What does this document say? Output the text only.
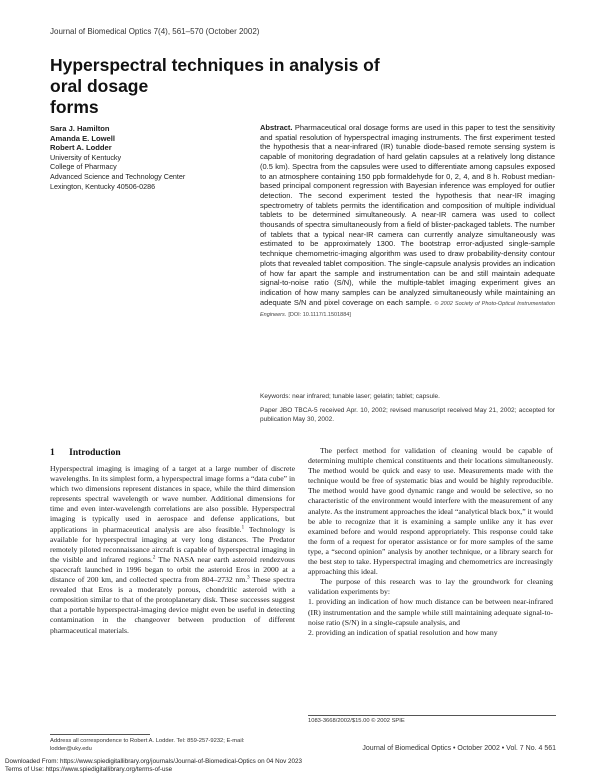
Journal of Biomedical Optics 7(4), 561–570 (October 2002)
Hyperspectral techniques in analysis of oral dosage
forms
Sara J. Hamilton
Amanda E. Lowell
Robert A. Lodder
University of Kentucky
College of Pharmacy
Advanced Science and Technology Center
Lexington, Kentucky 40506-0286
Abstract. Pharmaceutical oral dosage forms are used in this paper to test the sensitivity and spatial resolution of hyperspectral imaging instruments. The first experiment tested the hypothesis that a near-infrared (IR) tunable diode-based remote sensing system is capable of monitoring degradation of hard gelatin capsules at a relatively long distance (0.5 km). Spectra from the capsules were used to differentiate among capsules exposed to an atmosphere containing 150 ppb formaldehyde for 0, 2, 4, and 8 h. Robust median-based principal component regression with Bayesian inference was employed for outlier detection. The second experiment tested the hypothesis that near-IR imaging spectrometry of tablets permits the identification and composition of multiple individual tablets to be determined simultaneously. A near-IR camera was used to collect thousands of spectra simultaneously from a field of blister-packaged tablets. The number of tablets that a typical near-IR camera can currently analyze simultaneously was estimated to be approximately 1300. The bootstrap error-adjusted single-sample technique chemometric-imaging algorithm was used to draw probability-density contour plots that revealed tablet composition. The single-capsule analysis provides an indication of how far apart the sample and instrumentation can be and still maintain adequate signal-to-noise ratio (S/N), while the multiple-tablet imaging experiment gives an indication of how many samples can be analyzed simultaneously while maintaining an adequate S/N and pixel coverage on each sample. © 2002 Society of Photo-Optical Instrumentation Engineers. [DOI: 10.1117/1.1501884]
Keywords: near infrared; tunable laser; gelatin; tablet; capsule.
Paper JBO TBCA-5 received Apr. 10, 2002; revised manuscript received May 21, 2002; accepted for publication May 30, 2002.
1 Introduction

Hyperspectral imaging is imaging of a target at a large number of discrete wavelengths. In its simplest form, a hyperspectral image forms a “data cube” in which two dimensions represent distances in space, while the third dimension represents spectral wavelength or wave number. Additional dimensions for time and even inter-wavelength correlations are also possible. Hyperspectral imaging is typically used in aerospace and defense applications, but applications in pharmaceutical analysis are also feasible.$^1$ Technology is available for hyperspectral imaging at very long distances. The Predator remotely piloted reconnaissance aircraft is capable of hyperspectral imaging in the visible and infrared regions.$^2$ The NASA near earth asteroid rendezvous spacecraft launched in 1996 began to orbit the asteroid Eros in 2000 at a distance of 200 km, and collected spectra from 804–2732 nm.$^3$ These spectra revealed that Eros is a moderately porous, chondritic asteroid with a composition similar to that of the protoplanetary disk. These successes suggest that a portable hyperspectral-imaging device might even be useful in detecting contamination in the changeover between production of different pharmaceutical materials.

The perfect method for validation of cleaning would be capable of determining multiple chemical constituents and their locations simultaneously. The method would be quick and easy to use. Measurements made with the technique would be free of systematic bias and would be highly reproducible. The method would have good dynamic range and would be selective, so no characteristic of the environment would interfere with the measurement of any analyte. As the instrument approaches the ideal “analytical black box,” it would be able to recognize that it is examining a sample unlike any it has ever examined before and would respond appropriately. This response could take the form of a request for operator assistance or for more samples of the same type, a “second opinion” analysis by another technique, or a library search for the best step to take. Hyperspectral imaging and chemometrics are increasingly approaching this ideal.

The purpose of this research was to lay the groundwork for cleaning validation experiments by:

1. providing an indication of how much distance can be between near-infrared (IR) instrumentation and the sample while still maintaining adequate signal-to-noise ratio (S/N) in a single-capsule analysis, and

2. providing an indication of spatial resolution and how many

Address all correspondence to Robert A. Lodder. Tel: 859-257-9232; E-mail:
lodder@uky.edu
1083-3668/2002/$15.00 © 2002 SPIE
Journal of Biomedical Optics • October 2002 • Vol. 7 No. 4 561
Downloaded From: https://www.spiedigitallibrary.org/journals/Journal-of-Biomedical-Optics on 04 Nov 2023
Terms of Use: https://www.spiedigitallibrary.org/terms-of-use
